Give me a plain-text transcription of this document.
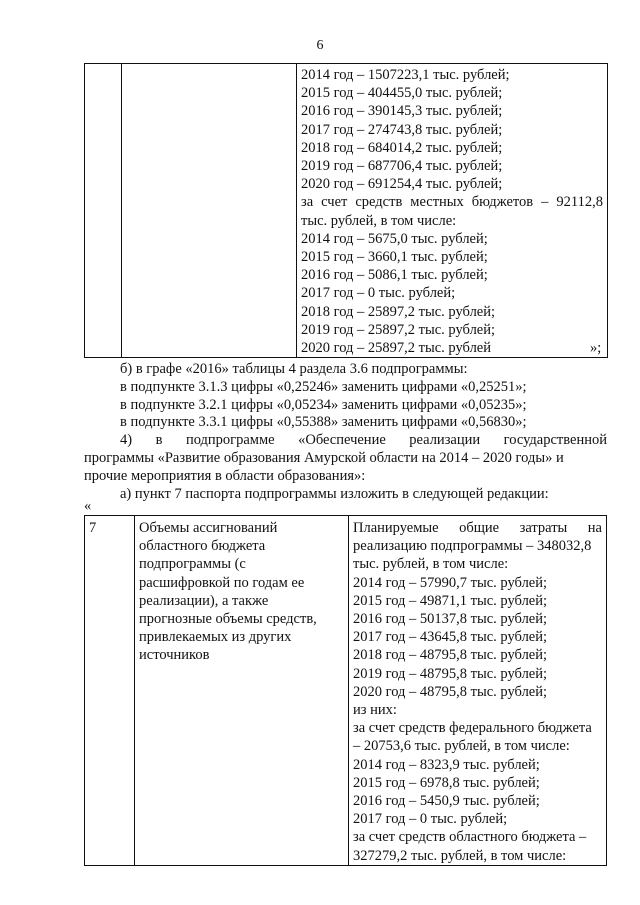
6

2014 год – 1507223,1 тыс. рублей;
2015 год – 404455,0 тыс. рублей;
2016 год – 390145,3 тыс. рублей;
2017 год – 274743,8 тыс. рублей;
2018 год – 684014,2 тыс. рублей;
2019 год – 687706,4 тыс. рублей;
2020 год – 691254,4 тыс. рублей;
за счет средств местных бюджетов – 92112,8
тыс. рублей, в том числе:
2014 год – 5675,0 тыс. рублей;
2015 год – 3660,1 тыс. рублей;
2016 год – 5086,1 тыс. рублей;
2017 год – 0 тыс. рублей;
2018 год – 25897,2 тыс. рублей;
2019 год – 25897,2 тыс. рублей;
2020 год – 25897,2 тыс. рублей	»;
б) в графе «2016» таблицы 4 раздела 3.6 подпрограммы:
в подпункте 3.1.3 цифры «0,25246» заменить цифрами «0,25251»;
в подпункте 3.2.1 цифры «0,05234» заменить цифрами «0,05235»;
в подпункте 3.3.1 цифры «0,55388» заменить цифрами «0,56830»;
4) в подпрограмме «Обеспечение реализации государственной
программы «Развитие образования Амурской области на 2014 – 2020 годы» и
прочие мероприятия в области образования»:
а) пункт 7 паспорта подпрограммы изложить в следующей редакции:
«
7	Объемы ассигнований
областного бюджета
подпрограммы (с
расшифровкой по годам ее
реализации), а также
прогнозные объемы средств,
привлекаемых из других
источников

Планируемые общие затраты на
реализацию подпрограммы – 348032,8
тыс. рублей, в том числе:
2014 год – 57990,7 тыс. рублей;
2015 год – 49871,1 тыс. рублей;
2016 год – 50137,8 тыс. рублей;
2017 год – 43645,8 тыс. рублей;
2018 год – 48795,8 тыс. рублей;
2019 год – 48795,8 тыс. рублей;
2020 год – 48795,8 тыс. рублей;
из них:
за счет средств федерального бюджета
– 20753,6 тыс. рублей, в том числе:
2014 год – 8323,9 тыс. рублей;
2015 год – 6978,8 тыс. рублей;
2016 год – 5450,9 тыс. рублей;
2017 год – 0 тыс. рублей;
за счет средств областного бюджета –
327279,2 тыс. рублей, в том числе:
